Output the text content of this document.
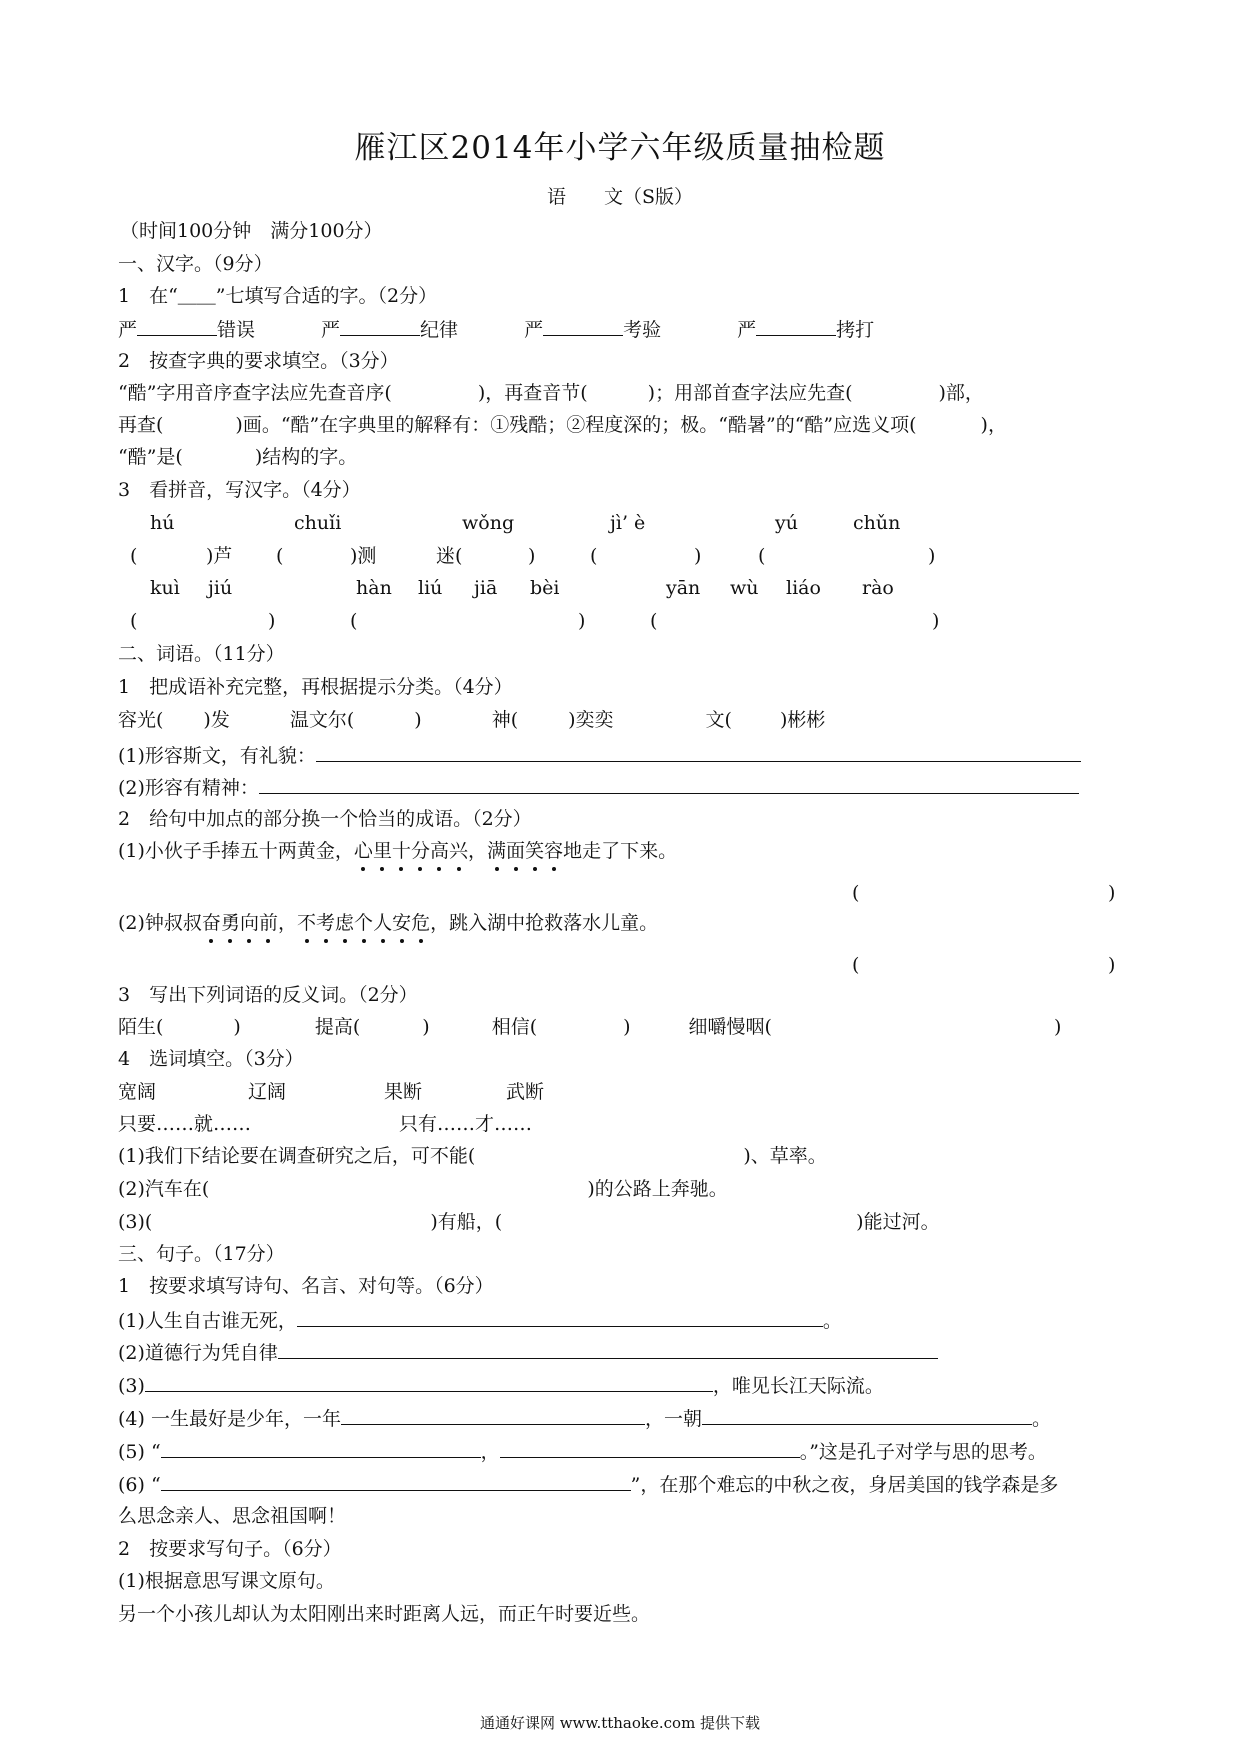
雁江区2014年小学六年级质量抽检题
语　　文（S版）
（时间100分钟　满分100分）
一、汉字。（9分）
1　在“＿＿”七填写合适的字。（2分）
严	错误	严	纪律	严	考验	严	拷打
2　按查字典的要求填空。（3分）
“酷”字用音序查字法应先查音序(	)，再查音节(	)；用部首查字法应先查(	)部，
再查(	)画。“酷”在字典里的解释有：①残酷；②程度深的；极。“酷暑”的“酷”应选义项(	)，
“酷”是(	)结构的字。
3　看拼音，写汉字。（4分）
hú	chuǐi	wǒng	jì’ è	yú	chǔn
(	)芦 (	)测	迷(	)	(	)	(	)
kuì jiú	hàn liú jiā bèi	yān wù liáo rào
(	)	(	)	(	)
二、词语。（11分）
1　把成语补充完整，再根据提示分类。（4分）
容光( )发	温文尔(	)	神(	)奕奕	文(	)彬彬
(1)形容斯文，有礼貌：
(2)形容有精神：
2　给句中加点的部分换一个恰当的成语。（2分）
(1)小伙子手捧五十两黄金，心里十分高兴，满面笑容地走了下来。
(	)
(2)钟叔叔奋勇向前，不考虑个人安危，跳入湖中抢救落水儿童。
(	)
3　写出下列词语的反义词。（2分）
陌生(	)	提高(	)	相信(	)	细嚼慢咽(	)
4　选词填空。（3分）
宽阔	辽阔	果断	武断
只要……就……	只有……才……
(1)我们下结论要在调查研究之后，可不能(	)、草率。
(2)汽车在(	)的公路上奔驰。
(3)(	)有船，(	)能过河。
三、句子。（17分）
1　按要求填写诗句、名言、对句等。（6分）
(1)人生自古谁无死，	。
(2)道德行为凭自律
(3)	，唯见长江天际流。
(4) 一生最好是少年，一年	，一朝	。
(5) “	，	。”这是孔子对学与思的思考。
(6) “	”，在那个难忘的中秋之夜，身居美国的钱学森是多
么思念亲人、思念祖国啊！
2　按要求写句子。（6分）
(1)根据意思写课文原句。
另一个小孩儿却认为太阳刚出来时距离人远，而正午时要近些。
通通好课网 www.tthaoke.com 提供下载
